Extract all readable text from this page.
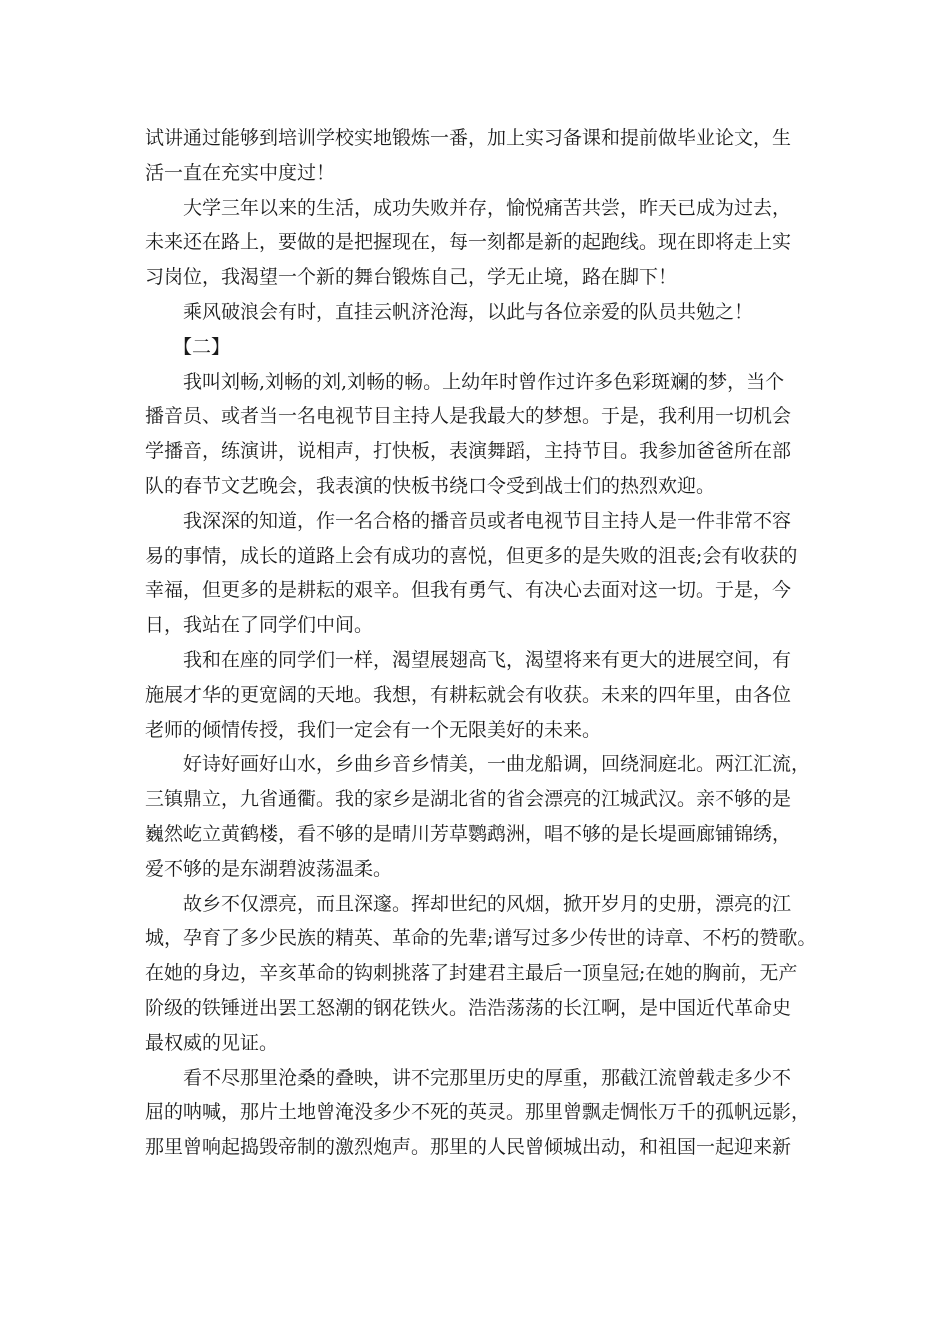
试讲通过能够到培训学校实地锻炼一番，加上实习备课和提前做毕业论文，生
活一直在充实中度过！
大学三年以来的生活，成功失败并存，愉悦痛苦共尝，昨天已成为过去，
未来还在路上，要做的是把握现在，每一刻都是新的起跑线。现在即将走上实
习岗位，我渴望一个新的舞台锻炼自己，学无止境，路在脚下！
乘风破浪会有时，直挂云帆济沧海，以此与各位亲爱的队员共勉之！
【二】
我叫刘畅,刘畅的刘,刘畅的畅。上幼年时曾作过许多色彩斑斓的梦，当个
播音员、或者当一名电视节目主持人是我最大的梦想。于是，我利用一切机会
学播音，练演讲，说相声，打快板，表演舞蹈，主持节目。我参加爸爸所在部
队的春节文艺晚会，我表演的快板书绕口令受到战士们的热烈欢迎。
我深深的知道，作一名合格的播音员或者电视节目主持人是一件非常不容
易的事情，成长的道路上会有成功的喜悦，但更多的是失败的沮丧;会有收获的
幸福，但更多的是耕耘的艰辛。但我有勇气、有决心去面对这一切。于是，今
日，我站在了同学们中间。
我和在座的同学们一样，渴望展翅高飞，渴望将来有更大的进展空间，有
施展才华的更宽阔的天地。我想，有耕耘就会有收获。未来的四年里，由各位
老师的倾情传授，我们一定会有一个无限美好的未来。
好诗好画好山水，乡曲乡音乡情美，一曲龙船调，回绕洞庭北。两江汇流，
三镇鼎立，九省通衢。我的家乡是湖北省的省会漂亮的江城武汉。亲不够的是
巍然屹立黄鹤楼，看不够的是晴川芳草鹦鹉洲，唱不够的是长堤画廊铺锦绣，
爱不够的是东湖碧波荡温柔。
故乡不仅漂亮，而且深邃。挥却世纪的风烟，掀开岁月的史册，漂亮的江
城，孕育了多少民族的精英、革命的先辈;谱写过多少传世的诗章、不朽的赞歌。
在她的身边，辛亥革命的钩刺挑落了封建君主最后一顶皇冠;在她的胸前，无产
阶级的铁锤迸出罢工怒潮的钢花铁火。浩浩荡荡的长江啊，是中国近代革命史
最权威的见证。
看不尽那里沧桑的叠映，讲不完那里历史的厚重，那截江流曾载走多少不
屈的呐喊，那片土地曾淹没多少不死的英灵。那里曾飘走惆怅万千的孤帆远影，
那里曾响起捣毁帝制的激烈炮声。那里的人民曾倾城出动，和祖国一起迎来新
